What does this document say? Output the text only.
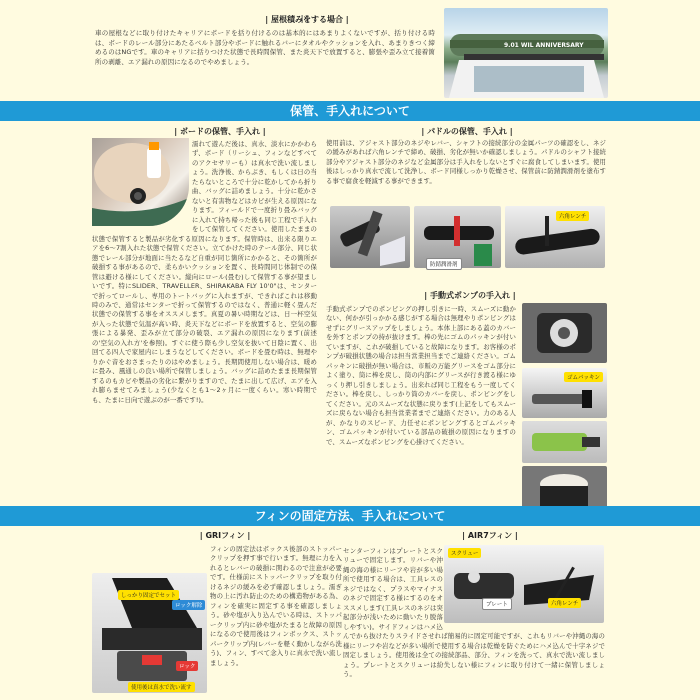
| |
| 屋根積みをする場合 |
車の屋根などに取り付けたキャリアにボードを括り付けるのは基本的にはあまりよくないですが、括り付ける時は、ボードのレール部分にあたるベルト部分やボードに触れるバーにタオルやクッションを入れ、あまりきつく締めるのはNGです。車のキャリアに括りつけた状態で長時間保管、また炎天下で放置すると、膨張や歪み立て接着箇所の剥離、エア漏れの原因になるのでやめましょう。
9.01 WIL ANNIVERSARY
保管、手入れについて
| ボードの保管、手入れ |
濡れて遊んだ後は、真水、淡水にかかわらず、ボード（リーシュ、フィンなどすべてのアクセサリーも）は真水で洗い流しましょう。洗浄後、からぶき、もしくは日の当たらないところで十分に乾かしてから折り曲、バッグに詰めましょう。十分に乾かさないと有害物などはカビが生える原因になります。フィールドで一度折り畳みバッグに入れて持ち帰った後も同じ工程で手入れをして保管してください。使用したままの状態で保管すると製品が劣化する原因になります。保管時は、出来る限りエアを6〜7割入れた状態で保管ください。立てかけた時のテール部分、同じ状態でレール部分が地面に当たるなど自重が同じ箇所にかかると、その箇所が破損する事があるので、柔らかいクッションを置く、長時間同じ体制での保管は避ける様にしてください。縦向にロール(畳む)して保管する事が望ましいです。特にSLIDER、TRAVELLER、SHIRAKABA FLY 10'0"は、センターで折ってロールし、専用のトートバッグに入れますが、できればこれは移動時のみで、通常はセンターで折って保管するのではなく、普通に軽く畳んだ状態での保管する事をオススメします。真夏の暑い時期などは、日一杯空気が入った状態で気温が高い時、炎天下などにボードを放置すると、空気の膨張による暴発、歪みが立て部分の破裂、エア漏れの原因になります(前述の'空気の入れ方'を参照)。すぐに使う際も少し空気を抜いて日陰に置く、出回てる四人で家屋内にしまうなどしてください。ボードを畳む時は、無理やりかぐ音をおさまったりのはやめましょう。長期間使用しない場合は、暖めに畳み、風通しの良い場所で保管しましょう。バッグに詰めたまま長期保管するのもカビや製品の劣化に繋がりますので、たまに出して広げ、エアを入れ膨らませてみましょう(少なくとも1〜2ヶ月に一度くらい。寒い時期でも、たまに日向で遊ぶのが一番です!)。
| パドルの保管、手入れ |
使用前は、アジャスト部分のネジやレバー、シャフトの接続部分の金属パーツの確認をし、ネジの緩みがあれば六角レンチで締め、破損、劣化が無いか確認しましょう。パドルのシャフト接続部分やアジャスト部分のネジなど金属部分は手入れをしないとすぐに腐食してしまいます。使用後はしっかり真水で流して洗浄し、ボード同様しっかり乾燥させ、保管前に防錆潤滑剤を塗布する事で腐食を軽減する事ができます。
防錆潤滑剤
六角レンチ
| 手動式ポンプの手入れ |
手動式ポンプでのポンピングの押し引きに一時、スムーズに動かない、何かが引っかかる感じがする場合は無理やりポンピングはせずにグリースアップをしましょう。本体上部にある蓋のカバーを外すとポンプの持が抜けます。棒の先にゴムのパッキンが付いていますが、これが破損していると故障になります。お客様のポンプが破損状態の場合は担当営業担当までご連絡ください。ゴムパッキンに破損が無い場合は、市販の万能グリースをゴム部分によく塗り、筒に棒を戻し、筒の内部にグリースが行き渡る様にゆっくり押し引きしましょう。出来れば同じ工程をもう一度してください。棒を戻し、しっかり筒のカバーを戻し、ポンピングをしてください。元のスムーズな状態に戻ります(上記をしてもスムーズに戻らない場合も担当営業者までご連絡ください。力のある人が、かなりのスピード、力任せにポンピングするとゴムパッキン、ゴムパッキンが付いている部品の破損の原因になりますので、スムーズなポンピングを心掛けてください。
ゴムパッキン
フィンの固定方法、手入れについて
| GRIフィン |
フィンの固定法はボックス後部のストッパークリップを押す事で行います。無理に力を入れるとレバーの破損に関わるので注意が必要です。仕様前にストッパークリップを取り付けるネジの緩みを必ず確認しましょう。濡ぎ物の上に汚れ防止のための構造物がある為、フィンを確実に固定する事を確認しましょう。砂や塩が入り込んでいる時は、ストッパークリップ内に砂や塩がたまると故障の原因になるので使用後はフィンボックス、ストッパークリップ内(レバーを軽く動かしながら洗う)、フィン、すべて念入りに真水で洗い流しましょう。
しっかり固定でセット
ロック解除
ロック
使用後は真水で洗い流す
| AIR7フィン |
センターフィンはプレートとスクリューで固定します。リバーや沖縄の海の様にリーフや岩が多い場所で使用する場合は、工具レスのネジではなく、プラスやマイナスのネジで固定する様にするのをオススメします(工具レスのネジは突起部分が浅いために動いたり脱落しやすい)。サイドフィンはハメ込んでから抜けたりスライドさせれば簡易的に固定可能ですが、これもリバーや沖縄の海の様にリーフや岩などが多い場所で使用する場合は乾燥を防ぐためにハメ込んで十字ネジで固定しましょう。使用後は全ての接続部品、部分、フィンを洗って、真水で洗い流しましょう。プレートとスクリューは紛失しない様にフィンに取り付けて一緒に保管しましょう。
スクリュー
プレート	六角レンチ
